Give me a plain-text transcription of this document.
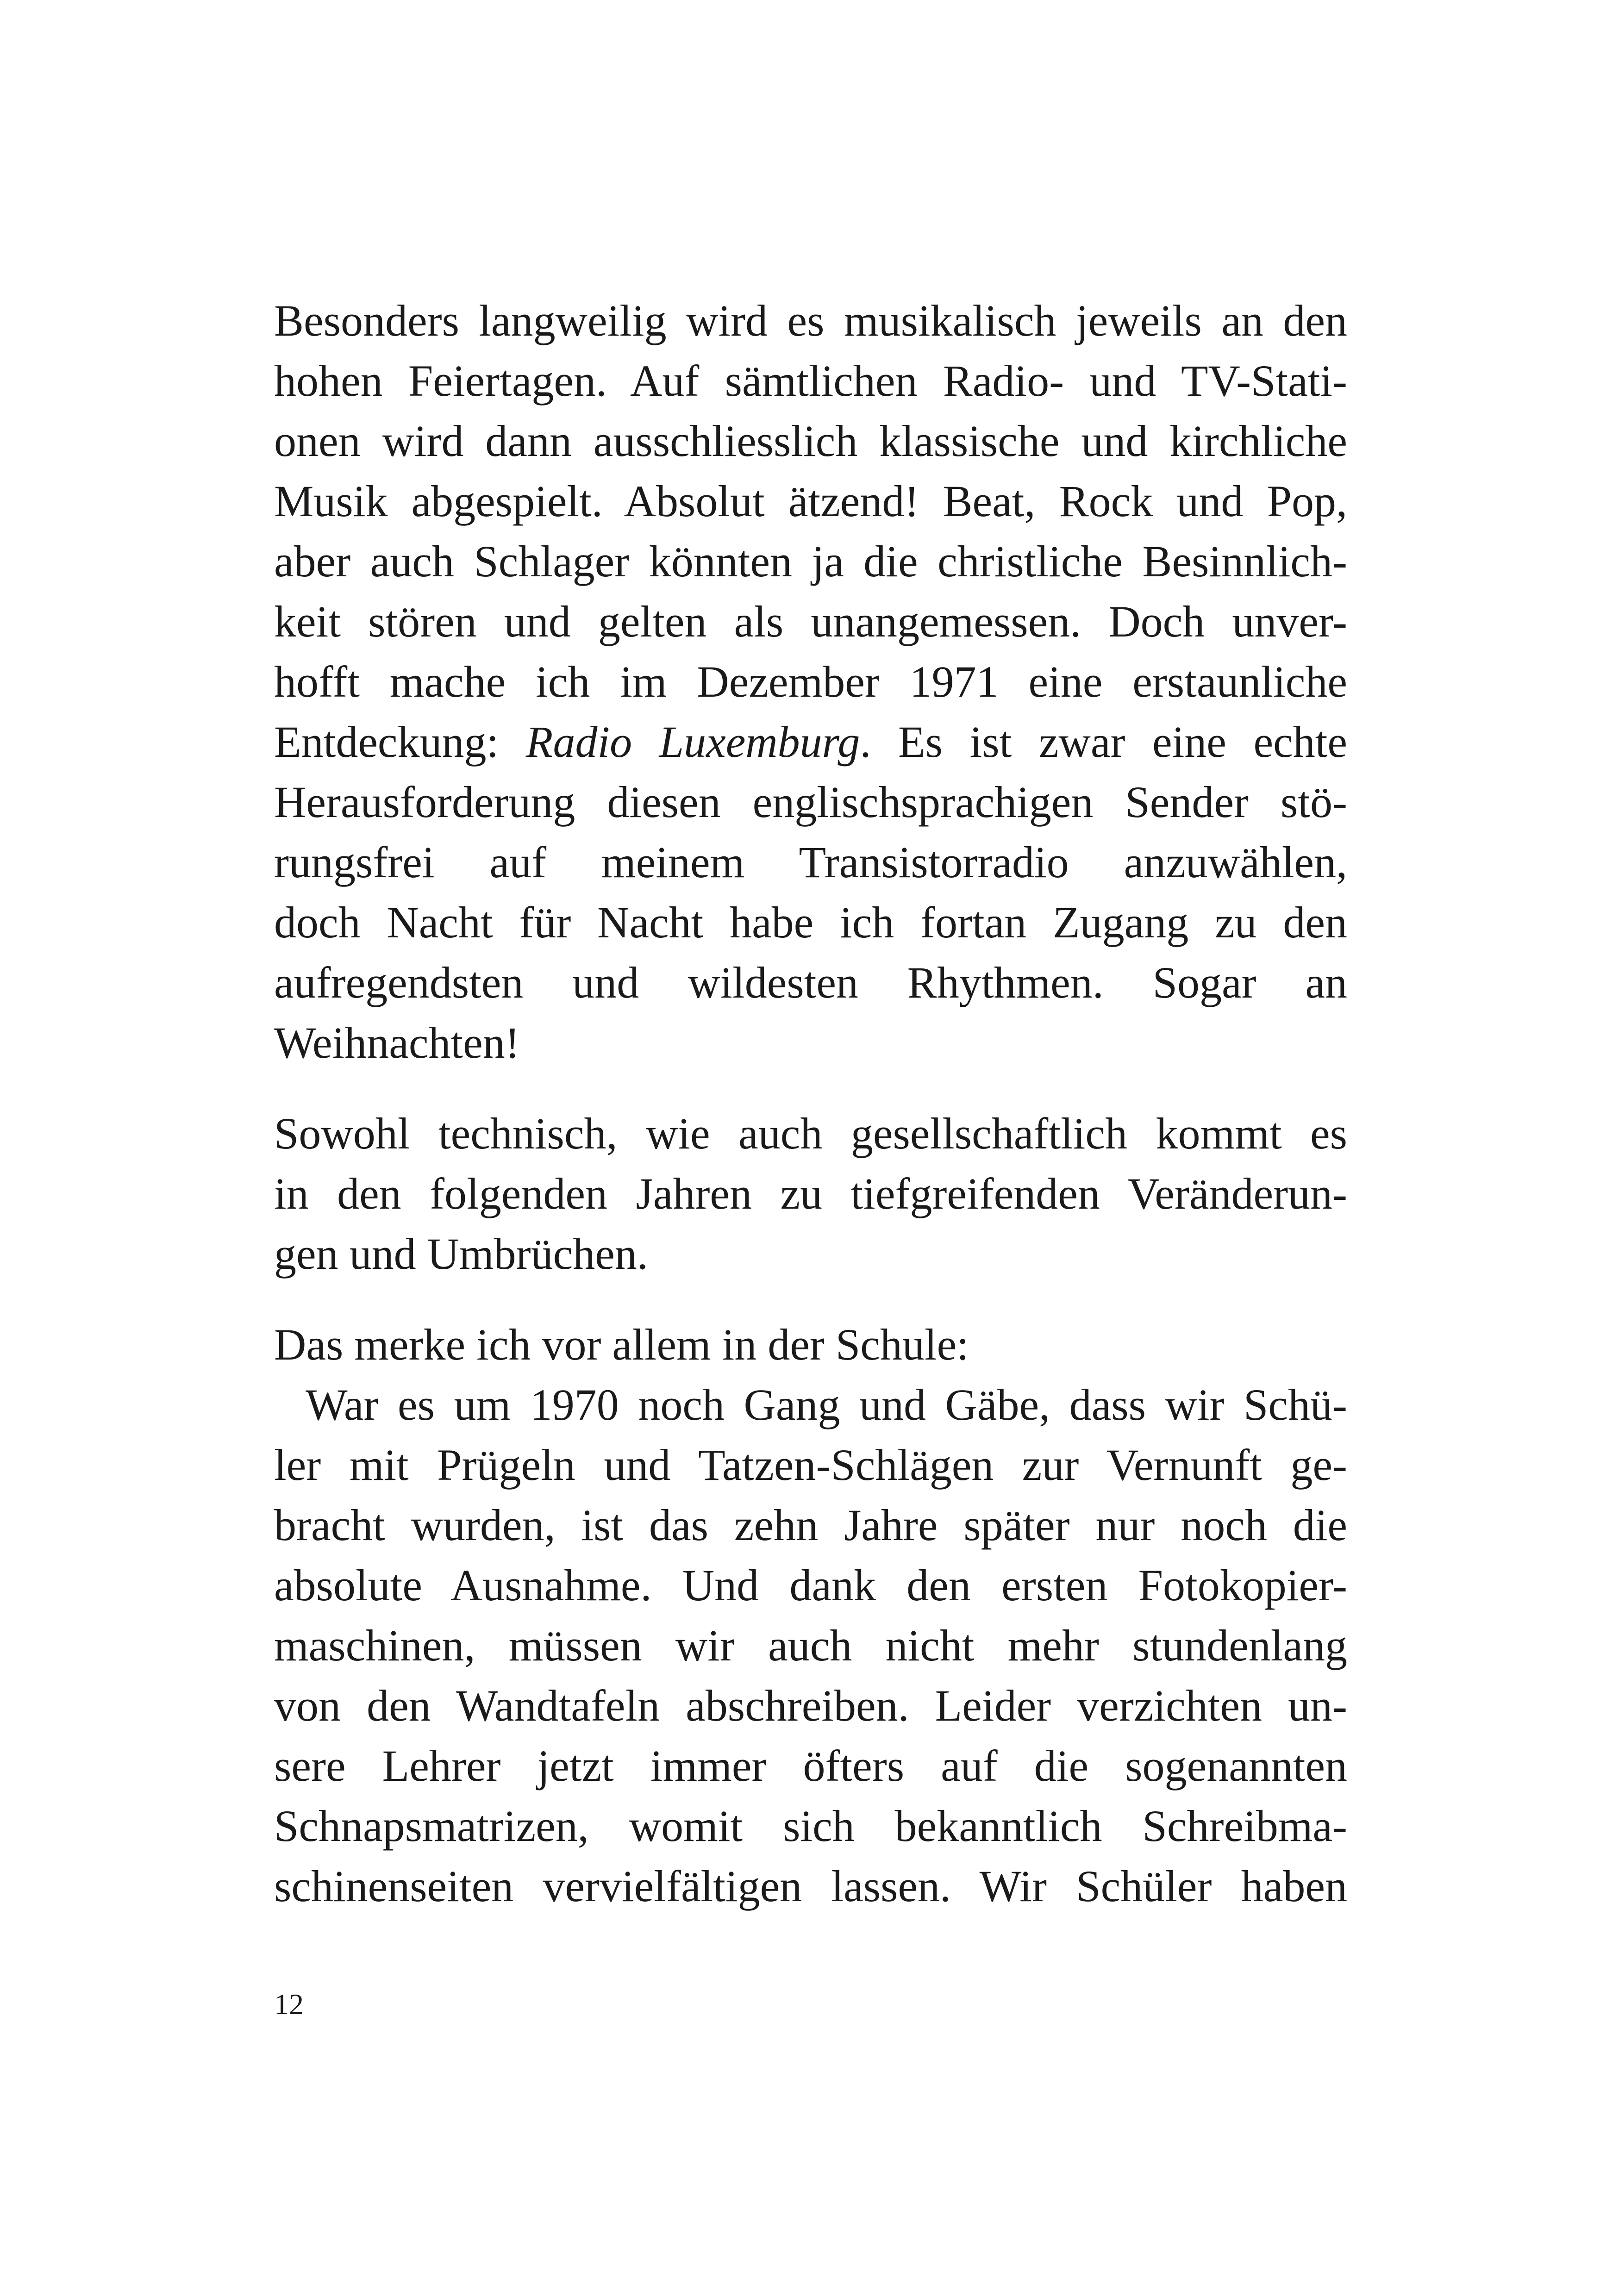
Besonders langweilig wird es musikalisch jeweils an den
hohen Feiertagen. Auf sämtlichen Radio- und TV-Stati-
onen wird dann ausschliesslich klassische und kirchliche
Musik abgespielt. Absolut ätzend! Beat, Rock und Pop,
aber auch Schlager könnten ja die christliche Besinnlich-
keit stören und gelten als unangemessen. Doch unver-
hofft mache ich im Dezember 1971 eine erstaunliche
Entdeckung: Radio Luxemburg. Es ist zwar eine echte
Herausforderung diesen englischsprachigen Sender stö-
rungsfrei auf meinem Transistorradio anzuwählen,
doch Nacht für Nacht habe ich fortan Zugang zu den
aufregendsten und wildesten Rhythmen. Sogar an
Weihnachten!
Sowohl technisch, wie auch gesellschaftlich kommt es
in den folgenden Jahren zu tiefgreifenden Veränderun-
gen und Umbrüchen.
Das merke ich vor allem in der Schule:
War es um 1970 noch Gang und Gäbe, dass wir Schü-
ler mit Prügeln und Tatzen-Schlägen zur Vernunft ge-
bracht wurden, ist das zehn Jahre später nur noch die
absolute Ausnahme. Und dank den ersten Fotokopier-
maschinen, müssen wir auch nicht mehr stundenlang
von den Wandtafeln abschreiben. Leider verzichten un-
sere Lehrer jetzt immer öfters auf die sogenannten
Schnapsmatrizen, womit sich bekanntlich Schreibma-
schinenseiten vervielfältigen lassen. Wir Schüler haben
12
